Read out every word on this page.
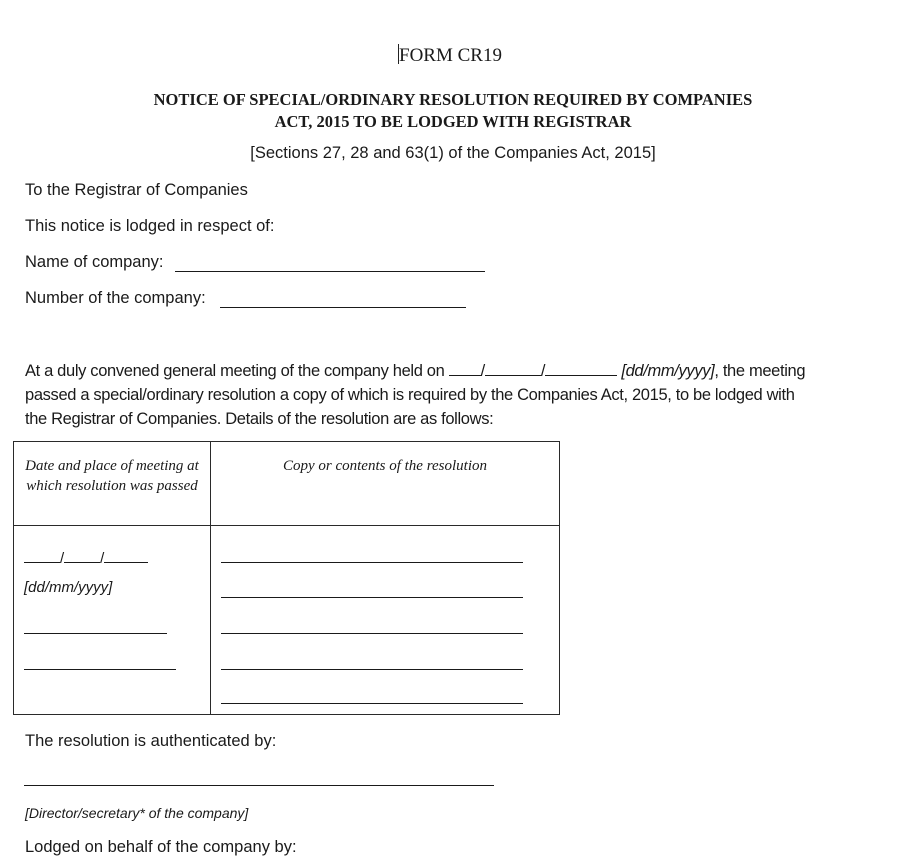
FORM CR19
NOTICE OF SPECIAL/ORDINARY RESOLUTION REQUIRED BY COMPANIES
ACT, 2015 TO BE LODGED WITH REGISTRAR
[Sections 27, 28 and 63(1) of the Companies Act, 2015]
To the Registrar of Companies
This notice is lodged in respect of:
Name of company:
Number of the company:
At a duly convened general meeting of the company held on /	/	[dd/mm/yyyy], the meeting
passed a special/ordinary resolution a copy of which is required by the Companies Act, 2015, to be lodged with
the Registrar of Companies. Details of the resolution are as follows:
Date and place of meeting at which resolution was passed	Copy or contents of the resolution

/ /
[dd/mm/yyyy]	

The resolution is authenticated by:
[Director/secretary* of the company]
Lodged on behalf of the company by:
